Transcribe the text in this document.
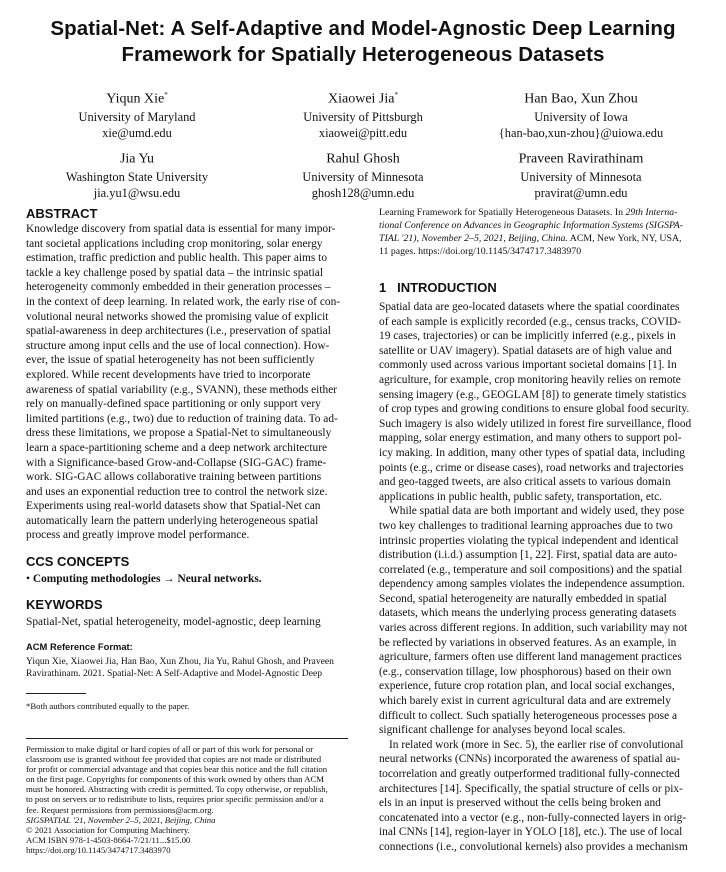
Spatial-Net: A Self-Adaptive and Model-Agnostic Deep Learning
Framework for Spatially Heterogeneous Datasets
Yiqun Xie*
University of Maryland
xie@umd.edu
Xiaowei Jia*
University of Pittsburgh
xiaowei@pitt.edu
Han Bao, Xun Zhou
University of Iowa
{han-bao,xun-zhou}@uiowa.edu
Jia Yu
Washington State University
jia.yu1@wsu.edu
Rahul Ghosh
University of Minnesota
ghosh128@umn.edu
Praveen Ravirathinam
University of Minnesota
pravirat@umn.edu
ABSTRACT
Knowledge discovery from spatial data is essential for many impor-
tant societal applications including crop monitoring, solar energy
estimation, traffic prediction and public health. This paper aims to
tackle a key challenge posed by spatial data – the intrinsic spatial
heterogeneity commonly embedded in their generation processes –
in the context of deep learning. In related work, the early rise of con-
volutional neural networks showed the promising value of explicit
spatial-awareness in deep architectures (i.e., preservation of spatial
structure among input cells and the use of local connection). How-
ever, the issue of spatial heterogeneity has not been sufficiently
explored. While recent developments have tried to incorporate
awareness of spatial variability (e.g., SVANN), these methods either
rely on manually-defined space partitioning or only support very
limited partitions (e.g., two) due to reduction of training data. To ad-
dress these limitations, we propose a Spatial-Net to simultaneously
learn a space-partitioning scheme and a deep network architecture
with a Significance-based Grow-and-Collapse (SIG-GAC) frame-
work. SIG-GAC allows collaborative training between partitions
and uses an exponential reduction tree to control the network size.
Experiments using real-world datasets show that Spatial-Net can
automatically learn the pattern underlying heterogeneous spatial
process and greatly improve model performance.
CCS CONCEPTS
• Computing methodologies → Neural networks.
KEYWORDS
Spatial-Net, spatial heterogeneity, model-agnostic, deep learning
ACM Reference Format:
Yiqun Xie, Xiaowei Jia, Han Bao, Xun Zhou, Jia Yu, Rahul Ghosh, and Praveen
Ravirathinam. 2021. Spatial-Net: A Self-Adaptive and Model-Agnostic Deep
*Both authors contributed equally to the paper.
Permission to make digital or hard copies of all or part of this work for personal or
classroom use is granted without fee provided that copies are not made or distributed
for profit or commercial advantage and that copies bear this notice and the full citation
on the first page. Copyrights for components of this work owned by others than ACM
must be honored. Abstracting with credit is permitted. To copy otherwise, or republish,
to post on servers or to redistribute to lists, requires prior specific permission and/or a
fee. Request permissions from permissions@acm.org.
SIGSPATIAL '21, November 2–5, 2021, Beijing, China
© 2021 Association for Computing Machinery.
ACM ISBN 978-1-4503-8664-7/21/11...$15.00
https://doi.org/10.1145/3474717.3483970
Learning Framework for Spatially Heterogeneous Datasets. In 29th Interna-
tional Conference on Advances in Geographic Information Systems (SIGSPA-
TIAL '21), November 2–5, 2021, Beijing, China. ACM, New York, NY, USA,
11 pages. https://doi.org/10.1145/3474717.3483970
1 INTRODUCTION
Spatial data are geo-located datasets where the spatial coordinates
of each sample is explicitly recorded (e.g., census tracks, COVID-
19 cases, trajectories) or can be implicitly inferred (e.g., pixels in
satellite or UAV imagery). Spatial datasets are of high value and
commonly used across various important societal domains [1]. In
agriculture, for example, crop monitoring heavily relies on remote
sensing imagery (e.g., GEOGLAM [8]) to generate timely statistics
of crop types and growing conditions to ensure global food security.
Such imagery is also widely utilized in forest fire surveillance, flood
mapping, solar energy estimation, and many others to support pol-
icy making. In addition, many other types of spatial data, including
points (e.g., crime or disease cases), road networks and trajectories
and geo-tagged tweets, are also critical assets to various domain
applications in public health, public safety, transportation, etc.
While spatial data are both important and widely used, they pose
two key challenges to traditional learning approaches due to two
intrinsic properties violating the typical independent and identical
distribution (i.i.d.) assumption [1, 22]. First, spatial data are auto-
correlated (e.g., temperature and soil compositions) and the spatial
dependency among samples violates the independence assumption.
Second, spatial heterogeneity are naturally embedded in spatial
datasets, which means the underlying process generating datasets
varies across different regions. In addition, such variability may not
be reflected by variations in observed features. As an example, in
agriculture, farmers often use different land management practices
(e.g., conservation tillage, low phosphorous) based on their own
experience, future crop rotation plan, and local social exchanges,
which barely exist in current agricultural data and are extremely
difficult to collect. Such spatially heterogeneous processes pose a
significant challenge for analyses beyond local scales.
In related work (more in Sec. 5), the earlier rise of convolutional
neural networks (CNNs) incorporated the awareness of spatial au-
tocorrelation and greatly outperformed traditional fully-connected
architectures [14]. Specifically, the spatial structure of cells or pix-
els in an input is preserved without the cells being broken and
concatenated into a vector (e.g., non-fully-connected layers in orig-
inal CNNs [14], region-layer in YOLO [18], etc.). The use of local
connections (i.e., convolutional kernels) also provides a mechanism
